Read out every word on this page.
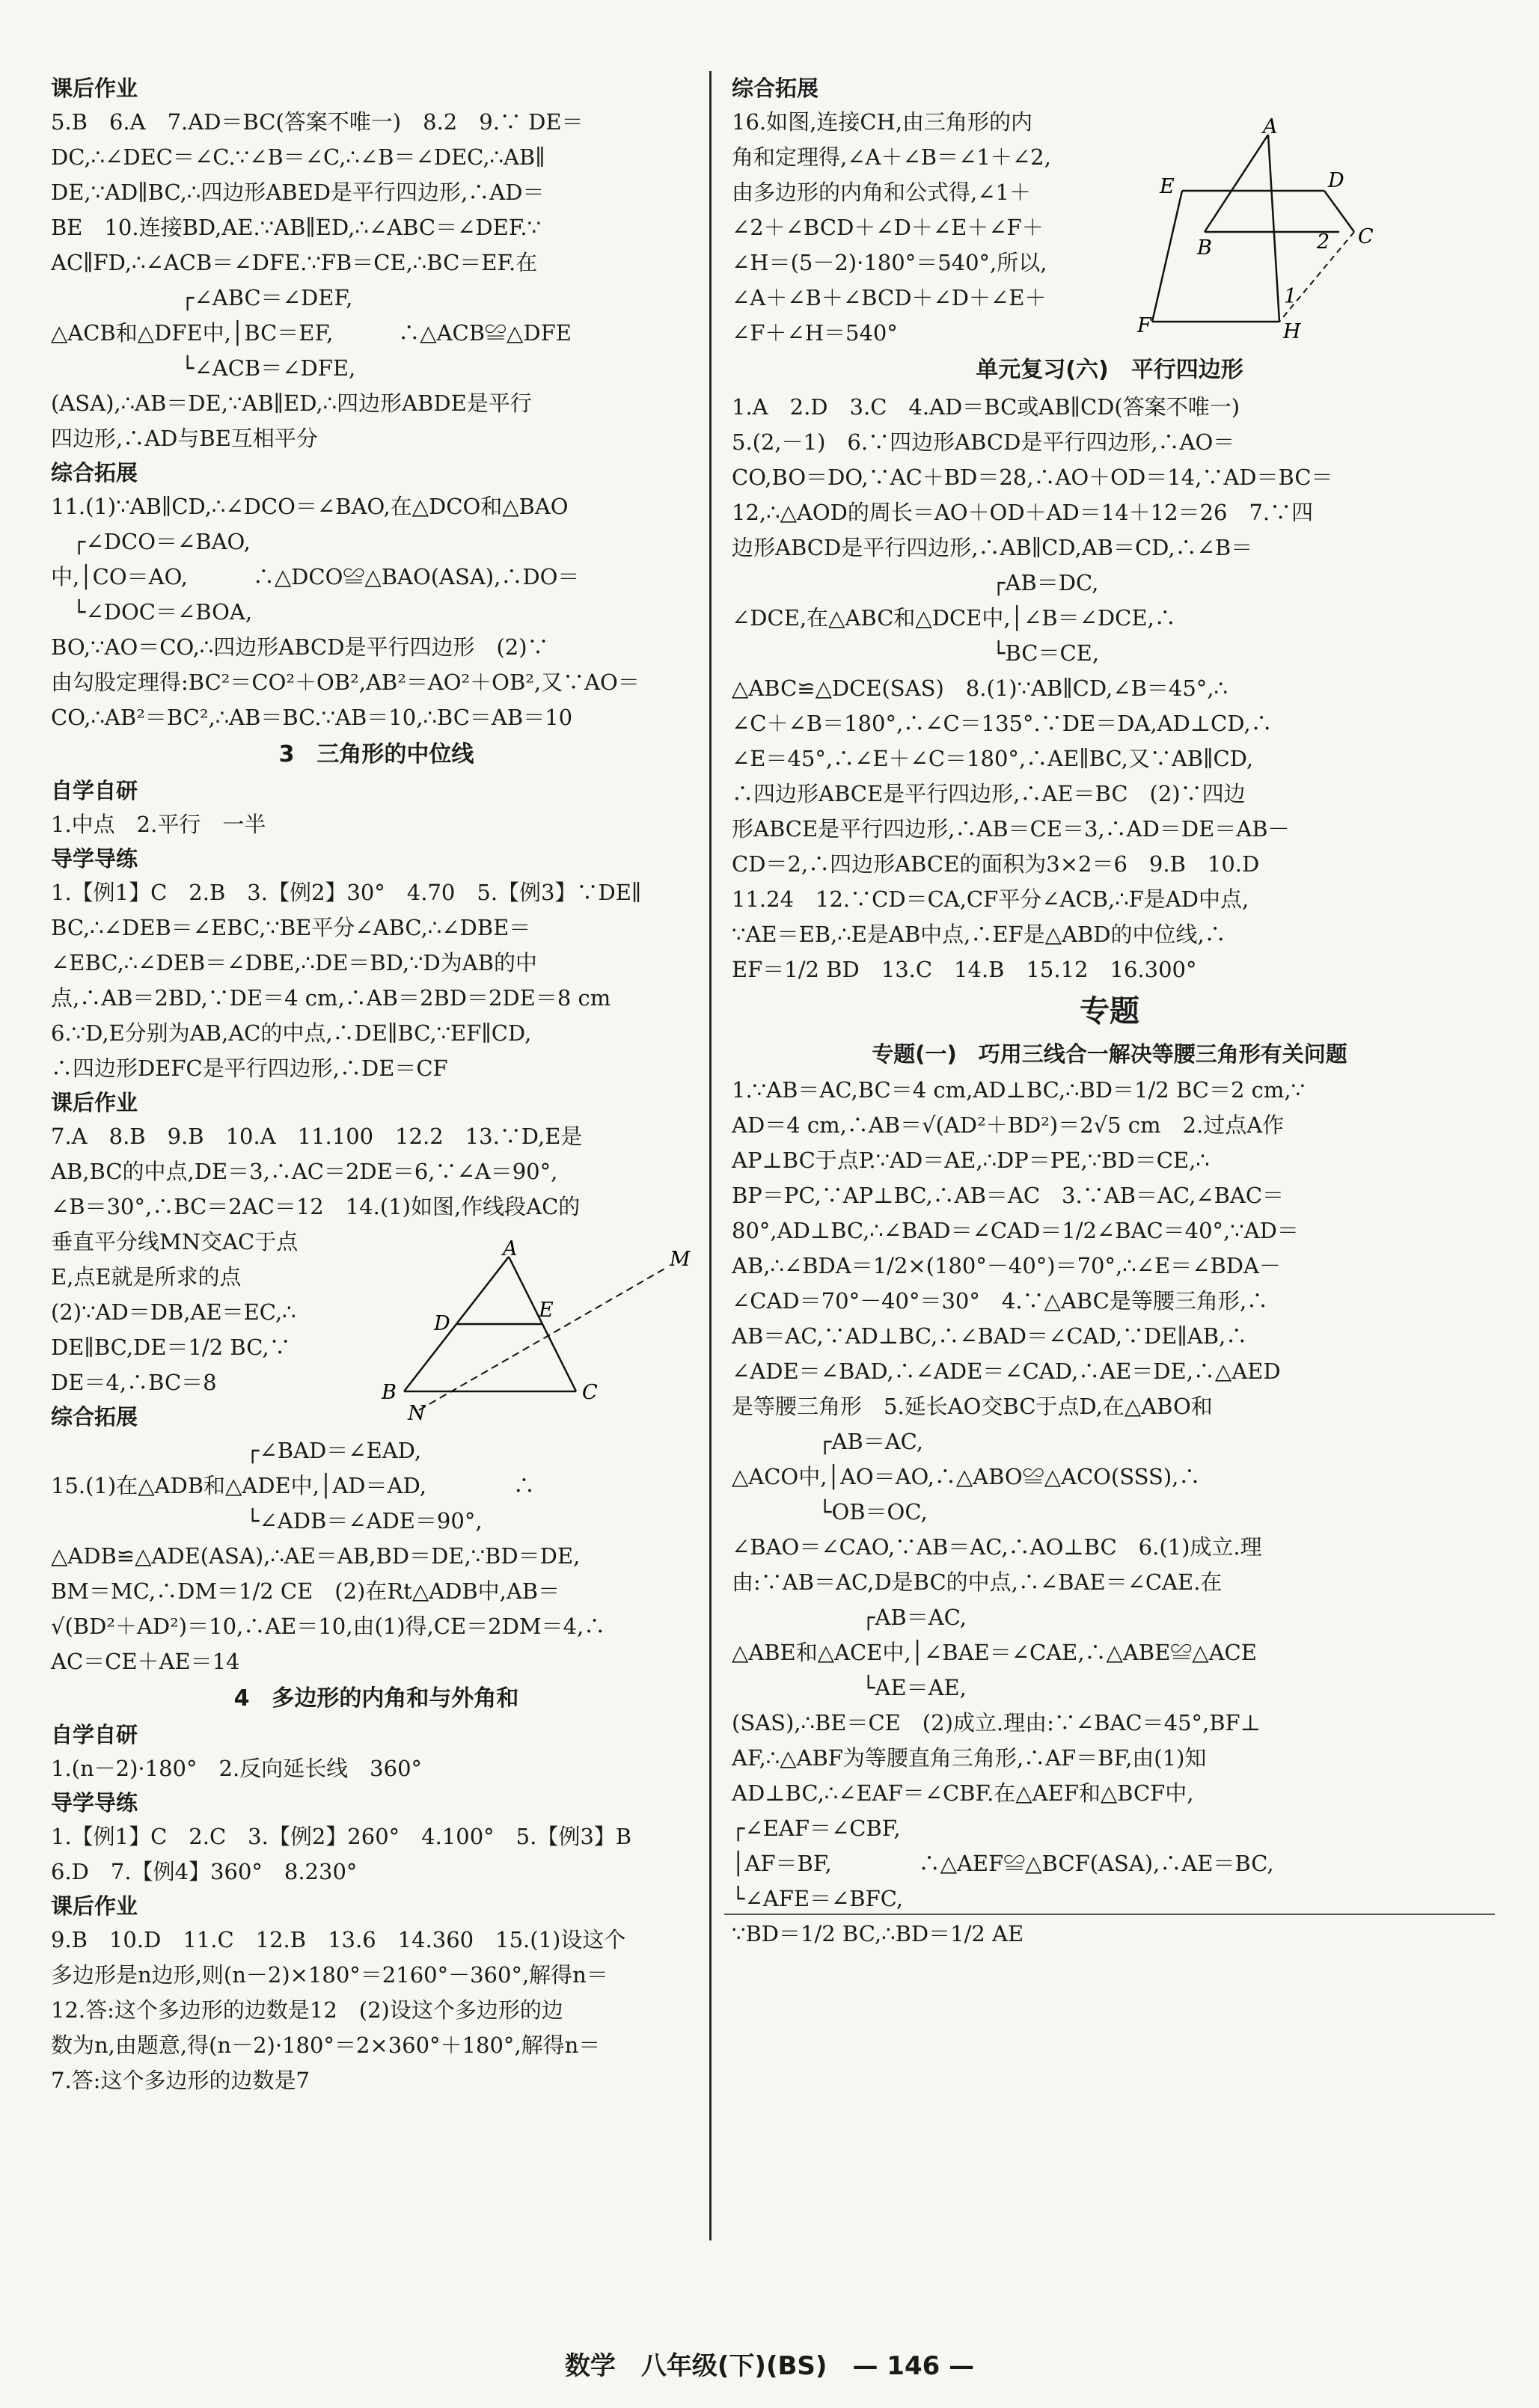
课后作业

5.B　6.A　7.AD＝BC(答案不唯一)　8.2　9.∵ DE＝

DC,∴∠DEC＝∠C.∵∠B＝∠C,∴∠B＝∠DEC,∴AB∥

DE,∵AD∥BC,∴四边形ABED是平行四边形,∴AD＝

BE　10.连接BD,AE.∵AB∥ED,∴∠ABC＝∠DEF.∵

AC∥FD,∴∠ACB＝∠DFE.∵FB＝CE,∴BC＝EF.在

　　　　　　┌∠ABC＝∠DEF,

△ACB和△DFE中,│BC＝EF,　　　∴△ACB≌△DFE

　　　　　　└∠ACB＝∠DFE,

(ASA),∴AB＝DE,∵AB∥ED,∴四边形ABDE是平行

四边形,∴AD与BE互相平分

综合拓展

11.(1)∵AB∥CD,∴∠DCO＝∠BAO,在△DCO和△BAO

　┌∠DCO＝∠BAO,

中,│CO＝AO,　　　∴△DCO≌△BAO(ASA),∴DO＝

　└∠DOC＝∠BOA,

BO,∵AO＝CO,∴四边形ABCD是平行四边形　(2)∵

由勾股定理得:BC²＝CO²＋OB²,AB²＝AO²＋OB²,又∵AO＝

CO,∴AB²＝BC²,∴AB＝BC.∵AB＝10,∴BC＝AB＝10

3　三角形的中位线
自学自研

1.中点　2.平行　一半

导学导练

1.【例1】C　2.B　3.【例2】30°　4.70　5.【例3】∵DE∥

BC,∴∠DEB＝∠EBC,∵BE平分∠ABC,∴∠DBE＝

∠EBC,∴∠DEB＝∠DBE,∴DE＝BD,∵D为AB的中

点,∴AB＝2BD,∵DE＝4 cm,∴AB＝2BD＝2DE＝8 cm

6.∵D,E分别为AB,AC的中点,∴DE∥BC,∵EF∥CD,

∴四边形DEFC是平行四边形,∴DE＝CF

课后作业

7.A　8.B　9.B　10.A　11.100　12.2　13.∵D,E是

AB,BC的中点,DE＝3,∴AC＝2DE＝6,∵∠A＝90°,

∠B＝30°,∴BC＝2AC＝12　14.(1)如图,作线段AC的

垂直平分线MN交AC于点

E,点E就是所求的点

(2)∵AD＝DB,AE＝EC,∴

DE∥BC,DE＝1/2 BC,∵

DE＝4,∴BC＝8

综合拓展

　　　　　　　　　┌∠BAD＝∠EAD,

15.(1)在△ADB和△ADE中,│AD＝AD,　　　　∴

　　　　　　　　　└∠ADB＝∠ADE＝90°,

△ADB≌△ADE(ASA),∴AE＝AB,BD＝DE,∵BD＝DE,

BM＝MC,∴DM＝1/2 CE　(2)在Rt△ADB中,AB＝

√(BD²＋AD²)＝10,∴AE＝10,由(1)得,CE＝2DM＝4,∴

AC＝CE＋AE＝14

4　多边形的内角和与外角和
自学自研

1.(n－2)·180°　2.反向延长线　360°

导学导练

1.【例1】C　2.C　3.【例2】260°　4.100°　5.【例3】B

6.D　7.【例4】360°　8.230°

课后作业

9.B　10.D　11.C　12.B　13.6　14.360　15.(1)设这个

多边形是n边形,则(n－2)×180°＝2160°－360°,解得n＝

12.答:这个多边形的边数是12　(2)设这个多边形的边

数为n,由题意,得(n－2)·180°＝2×360°＋180°,解得n＝

7.答:这个多边形的边数是7

综合拓展

16.如图,连接CH,由三角形的内

角和定理得,∠A＋∠B＝∠1＋∠2,

由多边形的内角和公式得,∠1＋

∠2＋∠BCD＋∠D＋∠E＋∠F＋

∠H＝(5－2)·180°＝540°,所以,

∠A＋∠B＋∠BCD＋∠D＋∠E＋

∠F＋∠H＝540°

单元复习(六)　平行四边形

1.A　2.D　3.C　4.AD＝BC或AB∥CD(答案不唯一)

5.(2,－1)　6.∵四边形ABCD是平行四边形,∴AO＝

CO,BO＝DO,∵AC＋BD＝28,∴AO＋OD＝14,∵AD＝BC＝

12,∴△AOD的周长＝AO＋OD＋AD＝14＋12＝26　7.∵四

边形ABCD是平行四边形,∴AB∥CD,AB＝CD,∴∠B＝

　　　　　　　　　　　　┌AB＝DC,

∠DCE,在△ABC和△DCE中,│∠B＝∠DCE,∴

　　　　　　　　　　　　└BC＝CE,

△ABC≌△DCE(SAS)　8.(1)∵AB∥CD,∠B＝45°,∴

∠C＋∠B＝180°,∴∠C＝135°.∵DE＝DA,AD⊥CD,∴

∠E＝45°,∴∠E＋∠C＝180°,∴AE∥BC,又∵AB∥CD,

∴四边形ABCE是平行四边形,∴AE＝BC　(2)∵四边

形ABCE是平行四边形,∴AB＝CE＝3,∴AD＝DE＝AB－

CD＝2,∴四边形ABCE的面积为3×2＝6　9.B　10.D

11.24　12.∵CD＝CA,CF平分∠ACB,∴F是AD中点,

∵AE＝EB,∴E是AB中点,∴EF是△ABD的中位线,∴

EF＝1/2 BD　13.C　14.B　15.12　16.300°

专题
专题(一)　巧用三线合一解决等腰三角形有关问题

1.∵AB＝AC,BC＝4 cm,AD⊥BC,∴BD＝1/2 BC＝2 cm,∵

AD＝4 cm,∴AB＝√(AD²＋BD²)＝2√5 cm　2.过点A作

AP⊥BC于点P.∵AD＝AE,∴DP＝PE,∵BD＝CE,∴

BP＝PC,∵AP⊥BC,∴AB＝AC　3.∵AB＝AC,∠BAC＝

80°,AD⊥BC,∴∠BAD＝∠CAD＝1/2∠BAC＝40°,∵AD＝

AB,∴∠BDA＝1/2×(180°－40°)＝70°,∴∠E＝∠BDA－

∠CAD＝70°－40°＝30°　4.∵△ABC是等腰三角形,∴

AB＝AC,∵AD⊥BC,∴∠BAD＝∠CAD,∵DE∥AB,∴

∠ADE＝∠BAD,∴∠ADE＝∠CAD,∴AE＝DE,∴△AED

是等腰三角形　5.延长AO交BC于点D,在△ABO和

　　　　┌AB＝AC,

△ACO中,│AO＝AO,∴△ABO≌△ACO(SSS),∴

　　　　└OB＝OC,

∠BAO＝∠CAO,∵AB＝AC,∴AO⊥BC　6.(1)成立.理

由:∵AB＝AC,D是BC的中点,∴∠BAE＝∠CAE.在

　　　　　　┌AB＝AC,

△ABE和△ACE中,│∠BAE＝∠CAE,∴△ABE≌△ACE

　　　　　　└AE＝AE,

(SAS),∴BE＝CE　(2)成立.理由:∵∠BAC＝45°,BF⊥

AF,∴△ABF为等腰直角三角形,∴AF＝BF,由(1)知

AD⊥BC,∴∠EAF＝∠CBF.在△AEF和△BCF中,

┌∠EAF＝∠CBF,

│AF＝BF,　　　　∴△AEF≌△BCF(ASA),∴AE＝BC,

└∠AFE＝∠BFC,

∵BD＝1/2 BC,∴BD＝1/2 AE

A	M
D
E
B
N
C
A
E	D
B	2 C
1
F	H
数学　八年级(下)(BS)　— 146 —
